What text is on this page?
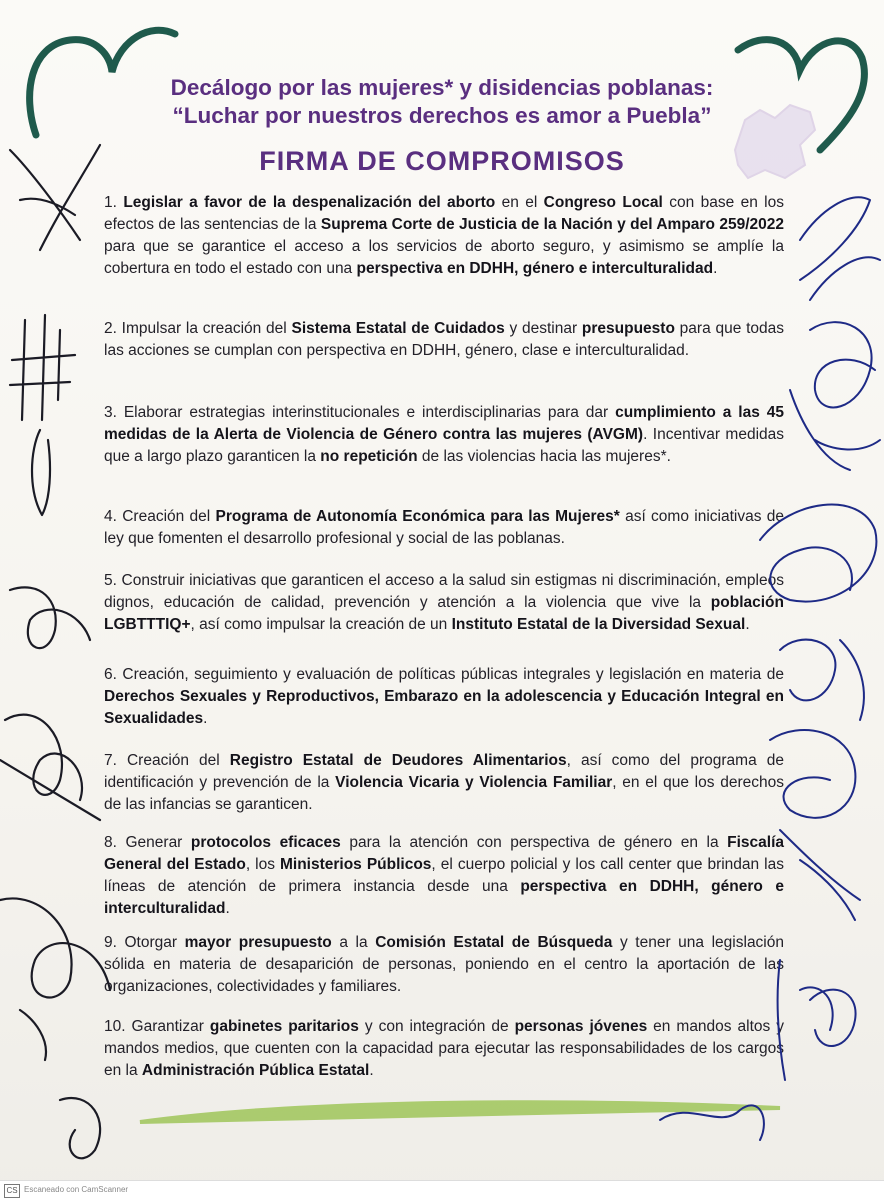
Decálogo por las mujeres* y disidencias poblanas:

“Luchar por nuestros derechos es amor a Puebla”

FIRMA DE COMPROMISOS

1. Legislar a favor de la despenalización del aborto en el Congreso Local con base en los efectos de las sentencias de la Suprema Corte de Justicia de la Nación y del Amparo 259/2022 para que se garantice el acceso a los servicios de aborto seguro, y asimismo se amplíe la cobertura en todo el estado con una perspectiva en DDHH, género e interculturalidad.

2. Impulsar la creación del Sistema Estatal de Cuidados y destinar presupuesto para que todas las acciones se cumplan con perspectiva en DDHH, género, clase e interculturalidad.

3. Elaborar estrategias interinstitucionales e interdisciplinarias para dar cumplimiento a las 45 medidas de la Alerta de Violencia de Género contra las mujeres (AVGM). Incentivar medidas que a largo plazo garanticen la no repetición de las violencias hacia las mujeres*.

4. Creación del Programa de Autonomía Económica para las Mujeres* así como iniciativas de ley que fomenten el desarrollo profesional y social de las poblanas.

5. Construir iniciativas que garanticen el acceso a la salud sin estigmas ni discriminación, empleos dignos, educación de calidad, prevención y atención a la violencia que vive la población LGBTTTIQ+, así como impulsar la creación de un Instituto Estatal de la Diversidad Sexual.

6. Creación, seguimiento y evaluación de políticas públicas integrales y legislación en materia de Derechos Sexuales y Reproductivos, Embarazo en la adolescencia y Educación Integral en Sexualidades.

7. Creación del Registro Estatal de Deudores Alimentarios, así como del programa de identificación y prevención de la Violencia Vicaria y Violencia Familiar, en el que los derechos de las infancias se garanticen.

8. Generar protocolos eficaces para la atención con perspectiva de género en la Fiscalía General del Estado, los Ministerios Públicos, el cuerpo policial y los call center que brindan las líneas de atención de primera instancia desde una perspectiva en DDHH, género e interculturalidad.

9. Otorgar mayor presupuesto a la Comisión Estatal de Búsqueda y tener una legislación sólida en materia de desaparición de personas, poniendo en el centro la aportación de las organizaciones, colectividades y familiares.

10. Garantizar gabinetes paritarios y con integración de personas jóvenes en mandos altos y mandos medios, que cuenten con la capacidad para ejecutar las responsabilidades de los cargos en la Administración Pública Estatal.

CS Escaneado con CamScanner
